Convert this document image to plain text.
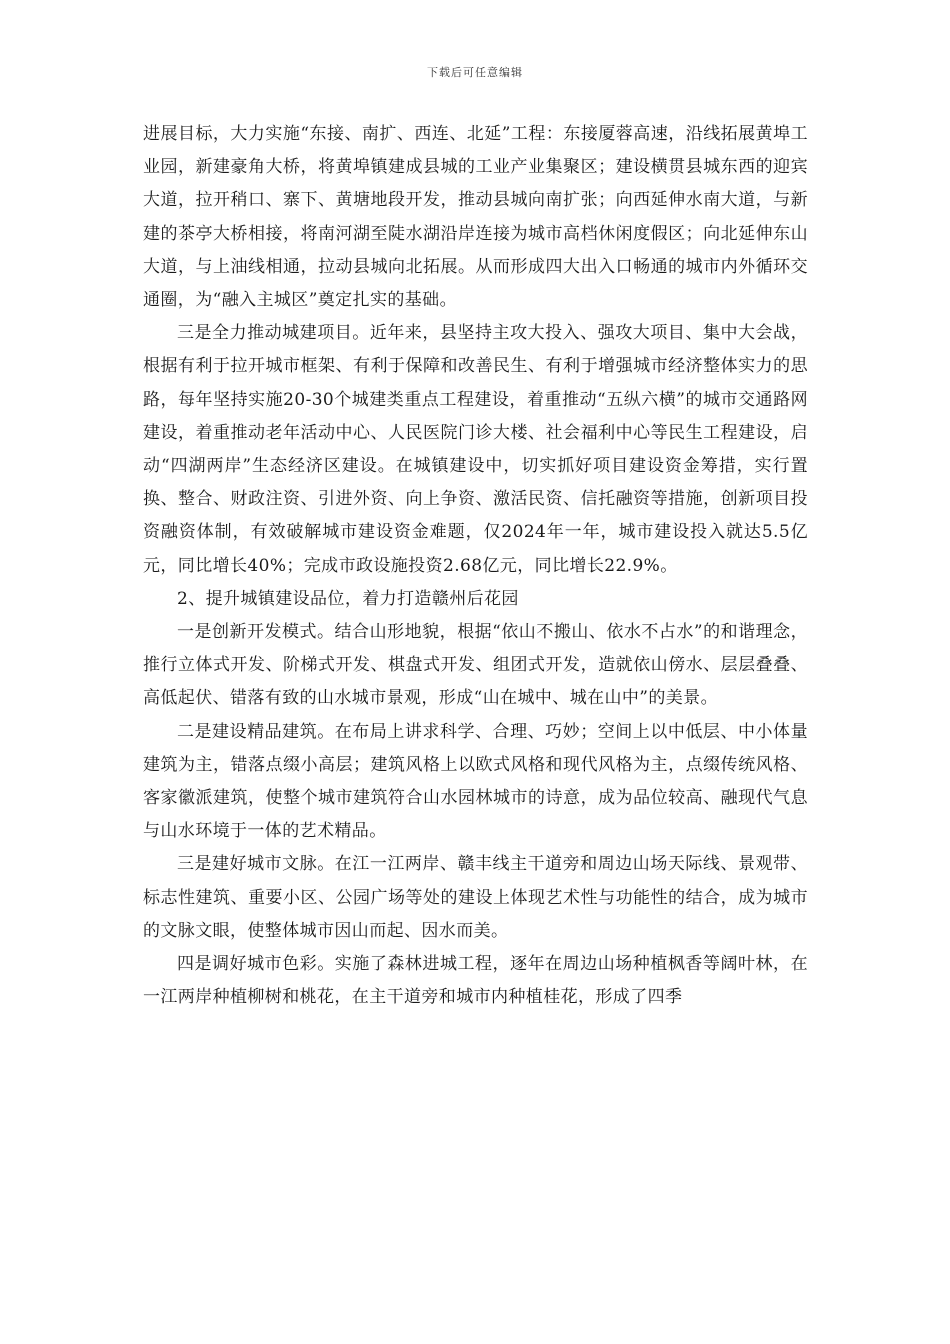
下载后可任意编辑

进展目标，大力实施“东接、南扩、西连、北延”工程：东接厦蓉高速，沿线拓展黄埠工业园，新建豪角大桥，将黄埠镇建成县城的工业产业集聚区；建设横贯县城东西的迎宾大道，拉开稍口、寨下、黄塘地段开发，推动县城向南扩张；向西延伸水南大道，与新建的茶亭大桥相接，将南河湖至陡水湖沿岸连接为城市高档休闲度假区；向北延伸东山大道，与上油线相通，拉动县城向北拓展。从而形成四大出入口畅通的城市内外循环交通圈，为“融入主城区”奠定扎实的基础。

三是全力推动城建项目。近年来，县坚持主攻大投入、强攻大项目、集中大会战，根据有利于拉开城市框架、有利于保障和改善民生、有利于增强城市经济整体实力的思路，每年坚持实施20-30个城建类重点工程建设，着重推动“五纵六横”的城市交通路网建设，着重推动老年活动中心、人民医院门诊大楼、社会福利中心等民生工程建设，启动“四湖两岸”生态经济区建设。在城镇建设中，切实抓好项目建设资金筹措，实行置换、整合、财政注资、引进外资、向上争资、激活民资、信托融资等措施，创新项目投资融资体制，有效破解城市建设资金难题，仅2024年一年，城市建设投入就达5.5亿元，同比增长40%；完成市政设施投资2.68亿元，同比增长22.9%。

2、提升城镇建设品位，着力打造赣州后花园

一是创新开发模式。结合山形地貌，根据“依山不搬山、依水不占水”的和谐理念，推行立体式开发、阶梯式开发、棋盘式开发、组团式开发，造就依山傍水、层层叠叠、高低起伏、错落有致的山水城市景观，形成“山在城中、城在山中”的美景。

二是建设精品建筑。在布局上讲求科学、合理、巧妙；空间上以中低层、中小体量建筑为主，错落点缀小高层；建筑风格上以欧式风格和现代风格为主，点缀传统风格、客家徽派建筑，使整个城市建筑符合山水园林城市的诗意，成为品位较高、融现代气息与山水环境于一体的艺术精品。

三是建好城市文脉。在江一江两岸、赣丰线主干道旁和周边山场天际线、景观带、标志性建筑、重要小区、公园广场等处的建设上体现艺术性与功能性的结合，成为城市的文脉文眼，使整体城市因山而起、因水而美。

四是调好城市色彩。实施了森林进城工程，逐年在周边山场种植枫香等阔叶林，在一江两岸种植柳树和桃花，在主干道旁和城市内种植桂花，形成了四季
